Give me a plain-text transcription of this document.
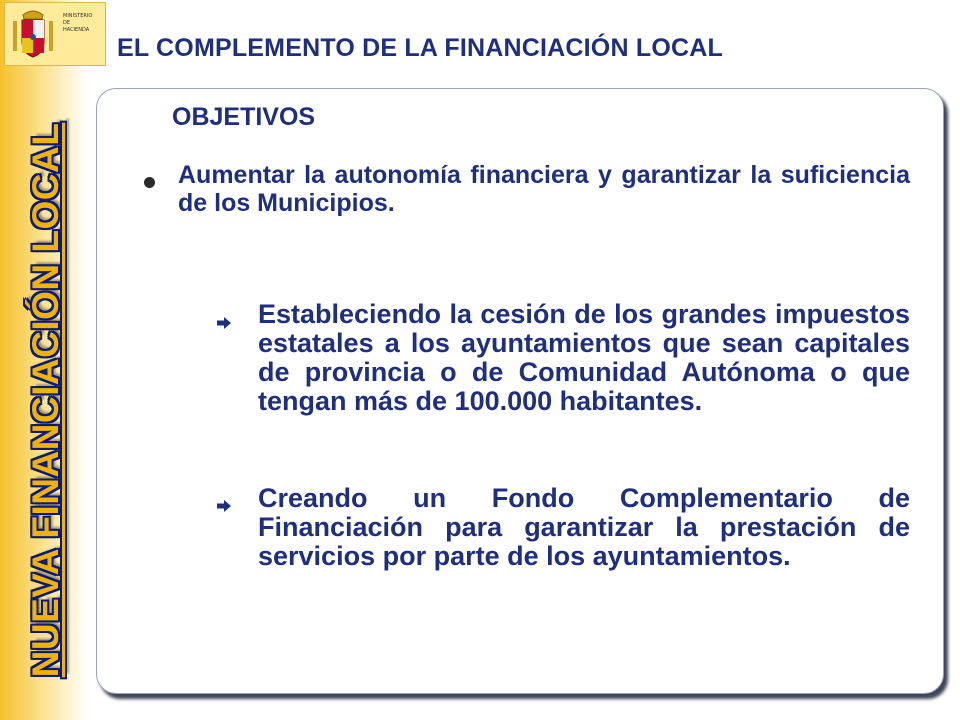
NUEVA FINANCIACIÓN LOCAL
MINISTERIO
DE
HACIENDA
EL COMPLEMENTO DE LA FINANCIACIÓN LOCAL
OBJETIVOS

Aumentar la autonomía financiera y garantizar la suficiencia de los Municipios.

Estableciendo la cesión de los grandes impuestos estatales a los ayuntamientos que sean capitales de provincia o de Comunidad Autónoma o que tengan más de 100.000 habitantes.

Creando un Fondo Complementario de Financiación para garantizar la prestación de servicios por parte de los ayuntamientos.
